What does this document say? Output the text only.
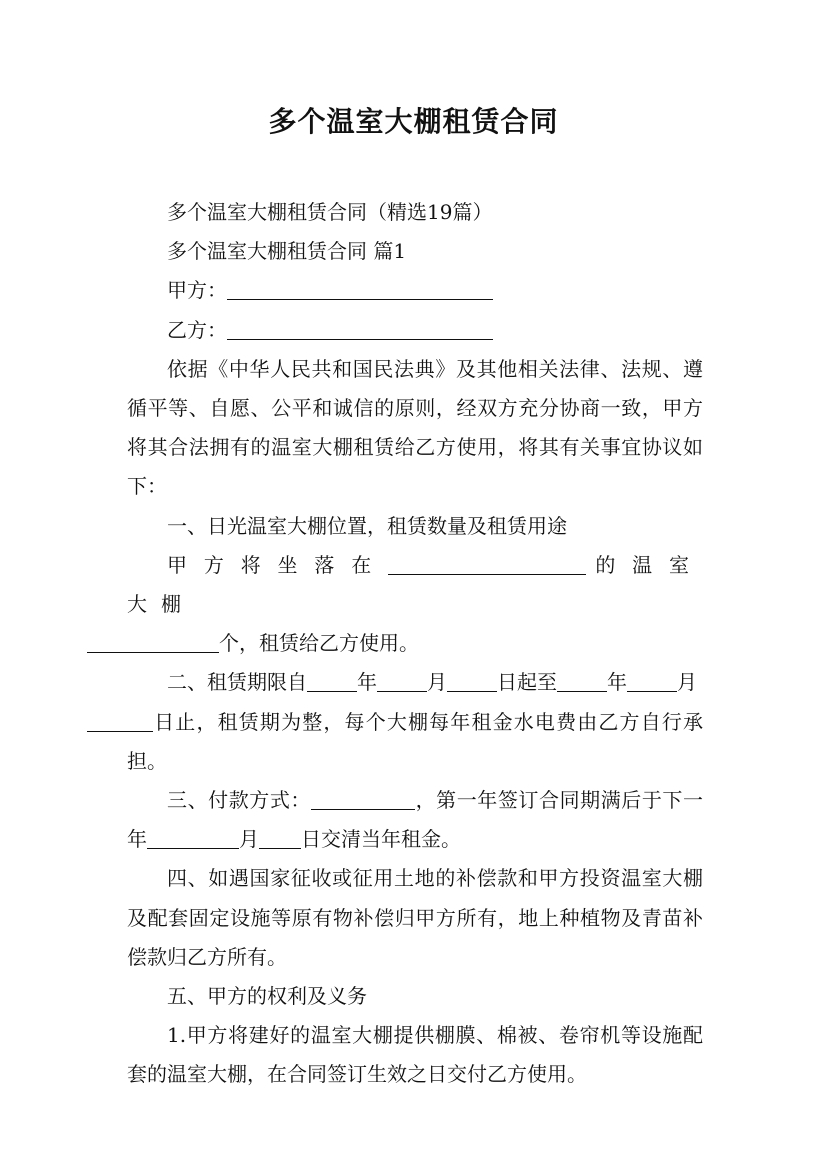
多个温室大棚租赁合同

多个温室大棚租赁合同（精选19篇）

多个温室大棚租赁合同 篇1

甲方：

乙方：

依据《中华人民共和国民法典》及其他相关法律、法规、遵循平等、自愿、公平和诚信的原则，经双方充分协商一致，甲方将其合法拥有的温室大棚租赁给乙方使用，将其有关事宜协议如下：

一、日光温室大棚位置，租赁数量及租赁用途

甲方将坐落在	的温室大棚
个，租赁给乙方使用。

二、租赁期限自	年	月	日起至	年	月
日止，租赁期为整，每个大棚每年租金水电费由乙方自行承担。

三、付款方式：	，第一年签订合同期满后于下一年	月 日交清当年租金。

四、如遇国家征收或征用土地的补偿款和甲方投资温室大棚及配套固定设施等原有物补偿归甲方所有，地上种植物及青苗补偿款归乙方所有。

五、甲方的权利及义务

1.甲方将建好的温室大棚提供棚膜、棉被、卷帘机等设施配套的温室大棚，在合同签订生效之日交付乙方使用。
